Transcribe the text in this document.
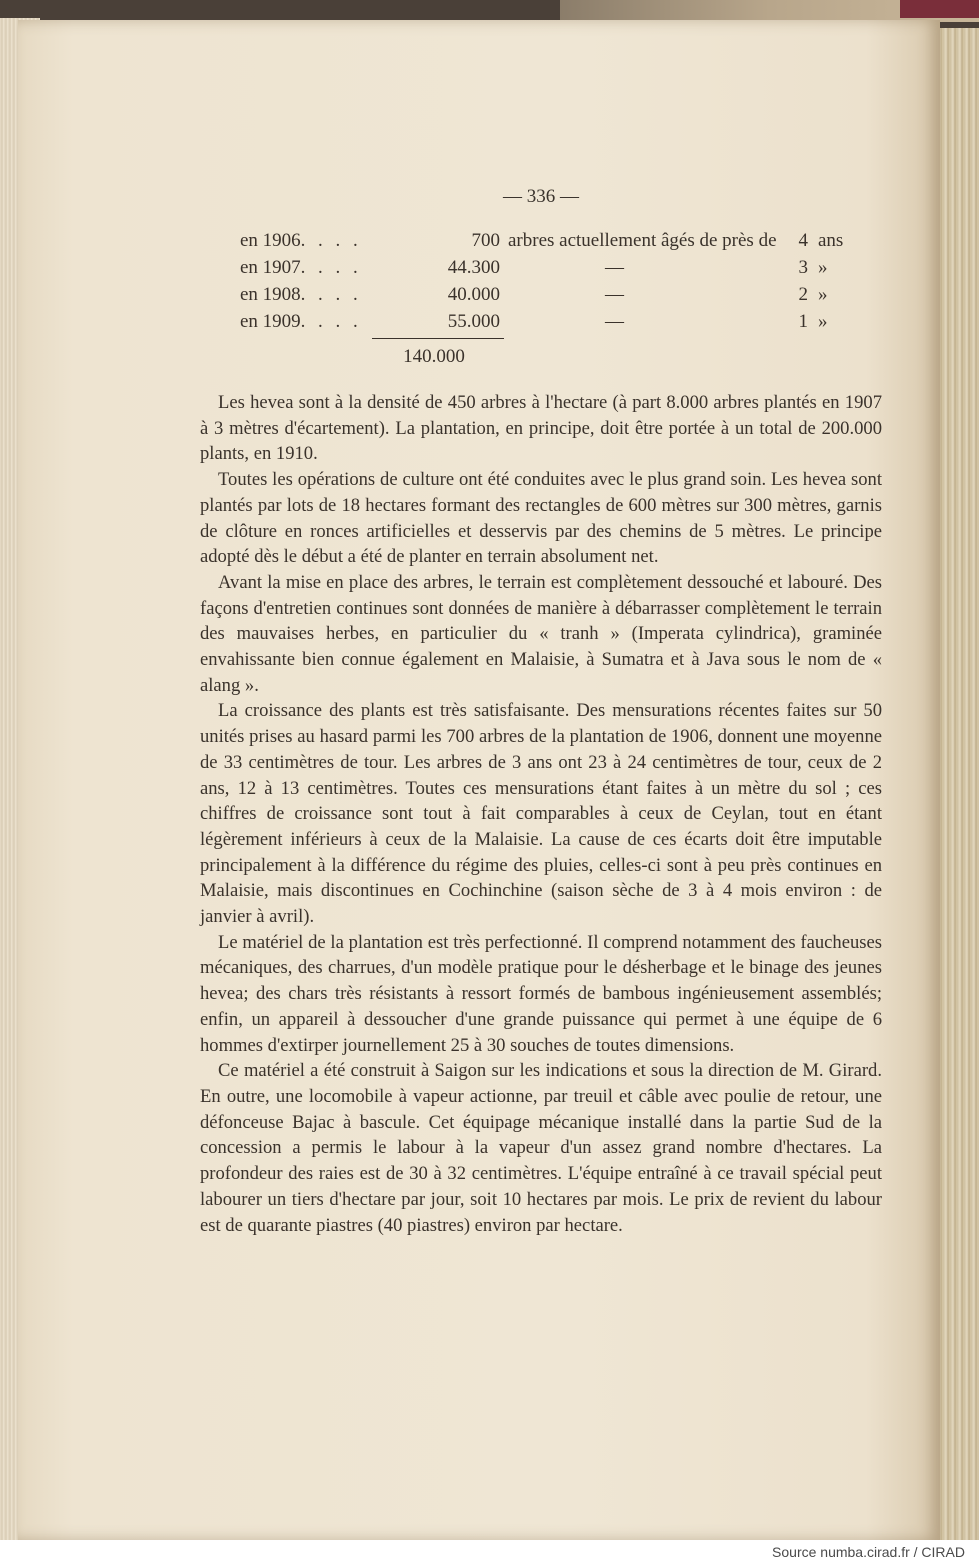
— 336 —
en 1906. . . .	700 arbres actuellement âgés de près de	4 ans
en 1907. . . .	44.300	—	3 »
en 1908. . . .	40.000	—	2 »
en 1909. . . .	55.000	—	1 »
140.000

Les hevea sont à la densité de 450 arbres à l'hectare (à part 8.000 arbres plantés en 1907 à 3 mètres d'écartement). La plantation, en principe, doit être portée à un total de 200.000 plants, en 1910.

Toutes les opérations de culture ont été conduites avec le plus grand soin. Les hevea sont plantés par lots de 18 hectares formant des rectangles de 600 mètres sur 300 mètres, garnis de clôture en ronces artificielles et desservis par des chemins de 5 mètres. Le principe adopté dès le début a été de planter en terrain absolument net.

Avant la mise en place des arbres, le terrain est complètement dessouché et labouré. Des façons d'entretien continues sont données de manière à débarrasser complètement le terrain des mauvaises herbes, en particulier du « tranh » (Imperata cylindrica), graminée envahissante bien connue également en Malaisie, à Sumatra et à Java sous le nom de « alang ».

La croissance des plants est très satisfaisante. Des mensurations récentes faites sur 50 unités prises au hasard parmi les 700 arbres de la plantation de 1906, donnent une moyenne de 33 centimètres de tour. Les arbres de 3 ans ont 23 à 24 centimètres de tour, ceux de 2 ans, 12 à 13 centimètres. Toutes ces mensurations étant faites à un mètre du sol ; ces chiffres de croissance sont tout à fait comparables à ceux de Ceylan, tout en étant légèrement inférieurs à ceux de la Malaisie. La cause de ces écarts doit être imputable principalement à la différence du régime des pluies, celles-ci sont à peu près continues en Malaisie, mais discontinues en Cochinchine (saison sèche de 3 à 4 mois environ : de janvier à avril).

Le matériel de la plantation est très perfectionné. Il comprend notamment des faucheuses mécaniques, des charrues, d'un modèle pratique pour le désherbage et le binage des jeunes hevea; des chars très résistants à ressort formés de bambous ingénieusement assemblés; enfin, un appareil à dessoucher d'une grande puissance qui permet à une équipe de 6 hommes d'extirper journellement 25 à 30 souches de toutes dimensions.

Ce matériel a été construit à Saigon sur les indications et sous la direction de M. Girard. En outre, une locomobile à vapeur actionne, par treuil et câble avec poulie de retour, une défonceuse Bajac à bascule. Cet équipage mécanique installé dans la partie Sud de la concession a permis le labour à la vapeur d'un assez grand nombre d'hectares. La profondeur des raies est de 30 à 32 centimètres. L'équipe entraîné à ce travail spécial peut labourer un tiers d'hectare par jour, soit 10 hectares par mois. Le prix de revient du labour est de quarante piastres (40 piastres) environ par hectare.

Source numba.cirad.fr / CIRAD
